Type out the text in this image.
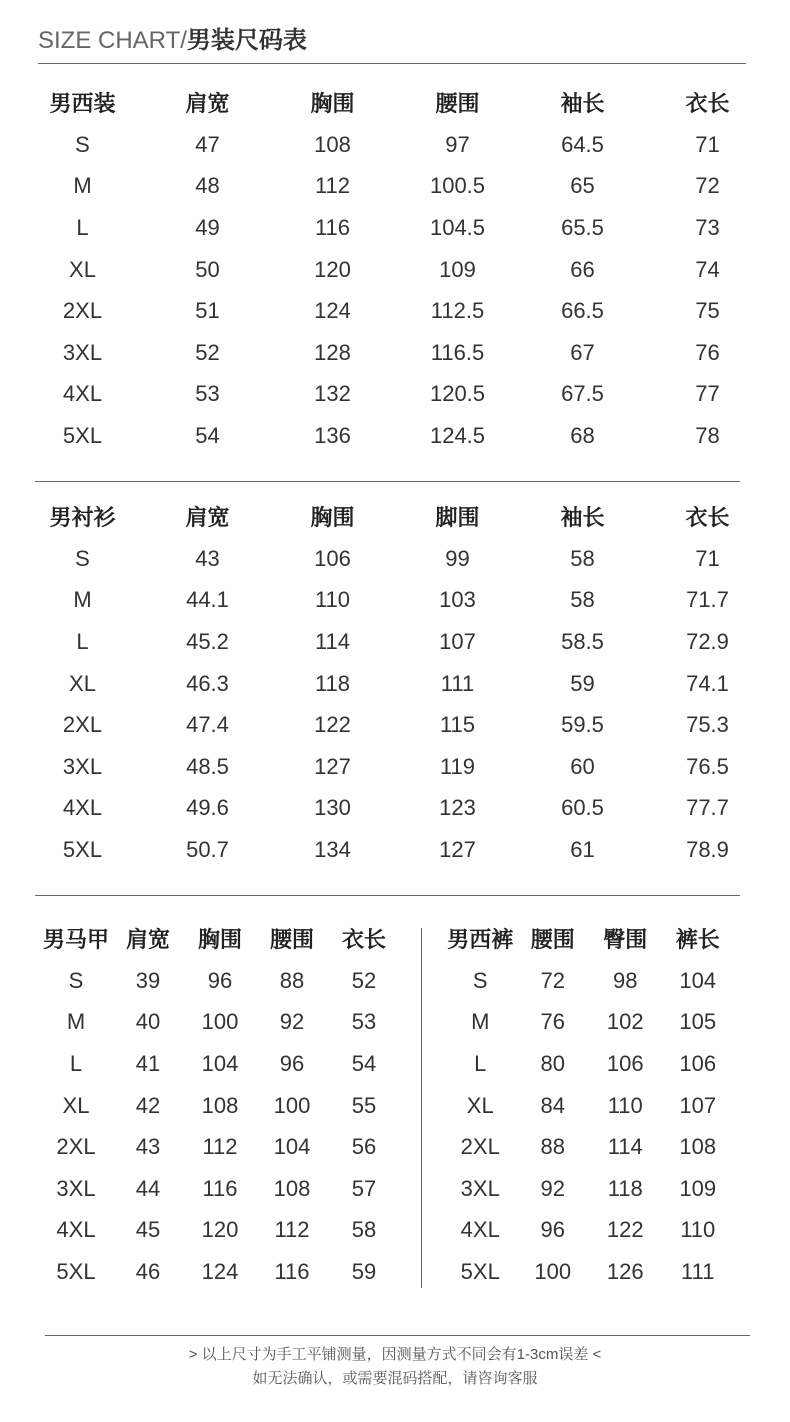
SIZE CHART/男装尺码表
男西装	肩宽	胸围	腰围	袖长	衣长
S	47	108	97	64.5	71
M	48	112	100.5	65	72
L	49	116	104.5	65.5	73
XL	50	120	109	66	74
2XL	51	124	112.5	66.5	75
3XL	52	128	116.5	67	76
4XL	53	132	120.5	67.5	77
5XL	54	136	124.5	68	78
男衬衫	肩宽	胸围	脚围	袖长	衣长
S	43	106	99	58	71
M	44.1	110	103	58	71.7
L	45.2	114	107	58.5	72.9
XL	46.3	118	111	59	74.1
2XL	47.4	122	115	59.5	75.3
3XL	48.5	127	119	60	76.5
4XL	49.6	130	123	60.5	77.7
5XL	50.7	134	127	61	78.9
男马甲	肩宽	胸围	腰围	衣长
S	39	96	88	52
M	40	100	92	53
L	41	104	96	54
XL	42	108	100	55
2XL	43	112	104	56
3XL	44	116	108	57
4XL	45	120	112	58
5XL	46	124	116	59
男西裤	腰围	臀围	裤长
S	72	98	104
M	76	102	105
L	80	106	106
XL	84	110	107
2XL	88	114	108
3XL	92	118	109
4XL	96	122	110
5XL	100	126	111
> 以上尺寸为手工平铺测量，因测量方式不同会有1-3cm误差 <
如无法确认，或需要混码搭配，请咨询客服
